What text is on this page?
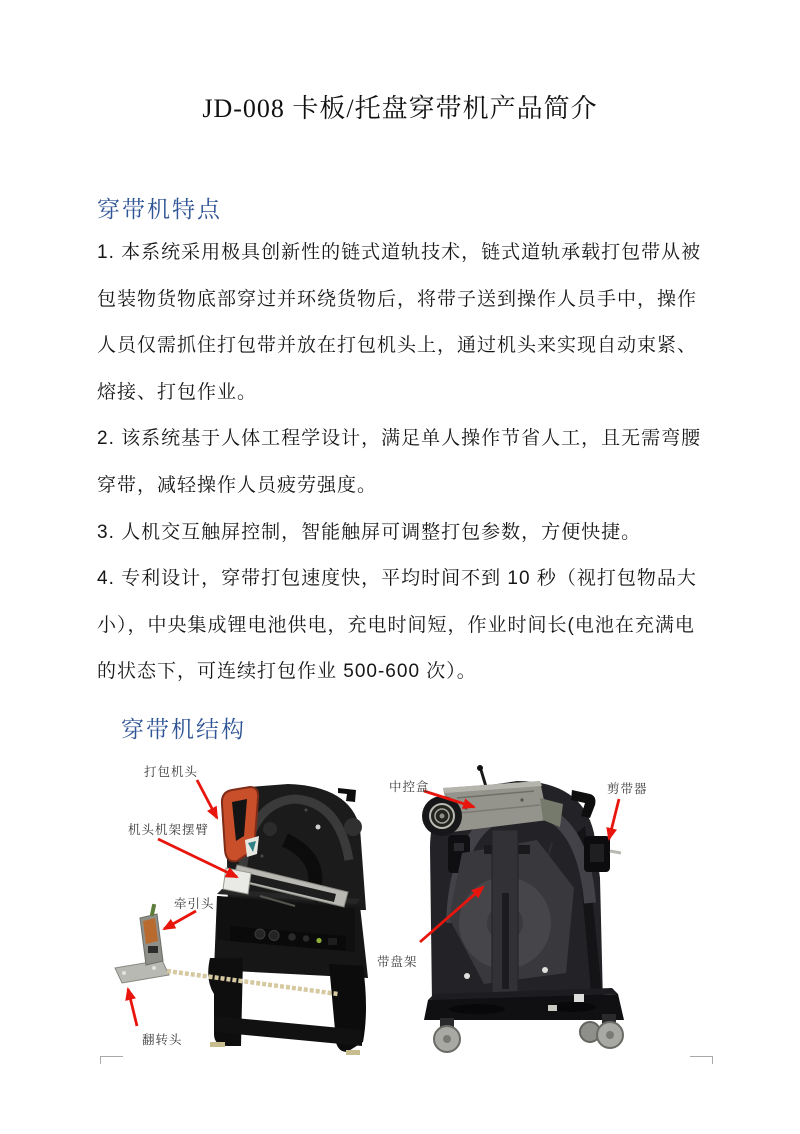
JD-008 卡板/托盘穿带机产品简介
穿带机特点
1. 本系统采用极具创新性的链式道轨技术，链式道轨承载打包带从被
包装物货物底部穿过并环绕货物后，将带子送到操作人员手中，操作
人员仅需抓住打包带并放在打包机头上，通过机头来实现自动束紧、
熔接、打包作业。
2. 该系统基于人体工程学设计，满足单人操作节省人工，且无需弯腰
穿带，减轻操作人员疲劳强度。
3. 人机交互触屏控制，智能触屏可调整打包参数，方便快捷。
4. 专利设计，穿带打包速度快，平均时间不到 10 秒（视打包物品大
小），中央集成锂电池供电，充电时间短，作业时间长(电池在充满电
的状态下，可连续打包作业 500-600 次）。
穿带机结构
打包机头
机头机架摆臂
牵引头
翻转头
中控盒	剪带器
带盘架
